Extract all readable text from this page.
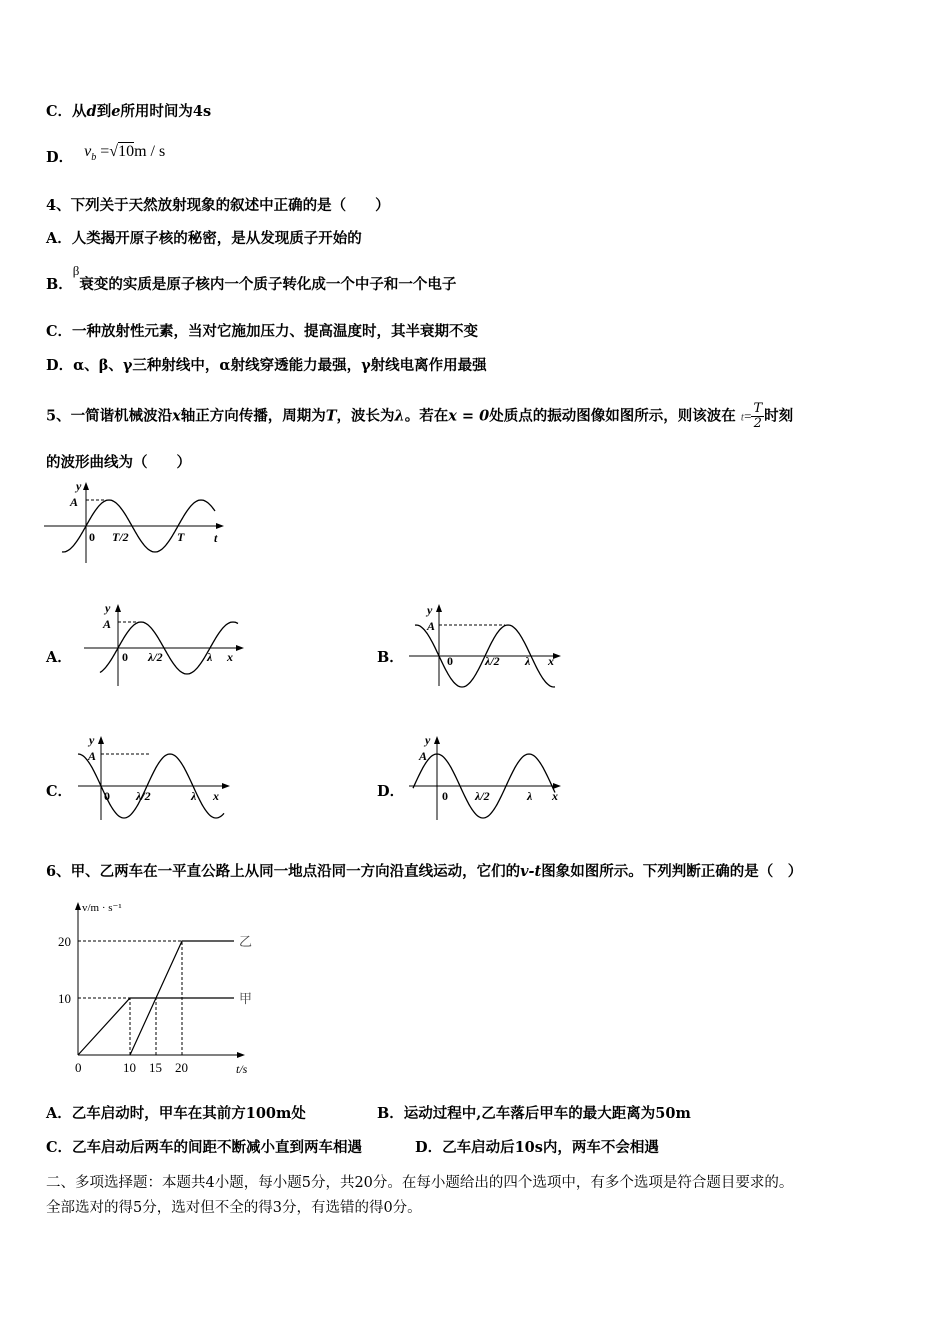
C．从d到e所用时间为4s
D． $v_b =√10m / s$
4、下列关于天然放射现象的叙述中正确的是（　　）
A．人类揭开原子核的秘密，是从发现质子开始的
B．β衰变的实质是原子核内一个质子转化成一个中子和一个电子
C．一种放射性元素，当对它施加压力、提高温度时，其半衰期不变
D．α、β、γ三种射线中，α射线穿透能力最强，γ射线电离作用最强
5、一简谐机械波沿x轴正方向传播，周期为T，波长为λ。若在x = 0处质点的振动图像如图所示，则该波在 $t= \frac{T}{2}$ 时刻
的波形曲线为（　　）
y
A
0 T/2	T t
A．
y
A
0 λ/2	λ x	B．
y
A
0	λ/2 λ x
C．
y
A
0 λ/2	λ x	D．
y
A
0 λ/2	λ x
6、甲、乙两车在一平直公路上从同一地点沿同一方向沿直线运动，它们的v-t图象如图所示。下列判断正确的是（　）
v/m · s⁻¹
t/s
0	10 15 20
10
20
甲
乙
A．乙车启动时，甲车在其前方100m处	B．运动过程中,乙车落后甲车的最大距离为50m
C．乙车启动后两车的间距不断减小直到两车相遇	D．乙车启动后10s内，两车不会相遇
二、多项选择题：本题共4小题，每小题5分，共20分。在每小题给出的四个选项中，有多个选项是符合题目要求的。
全部选对的得5分，选对但不全的得3分，有选错的得0分。
